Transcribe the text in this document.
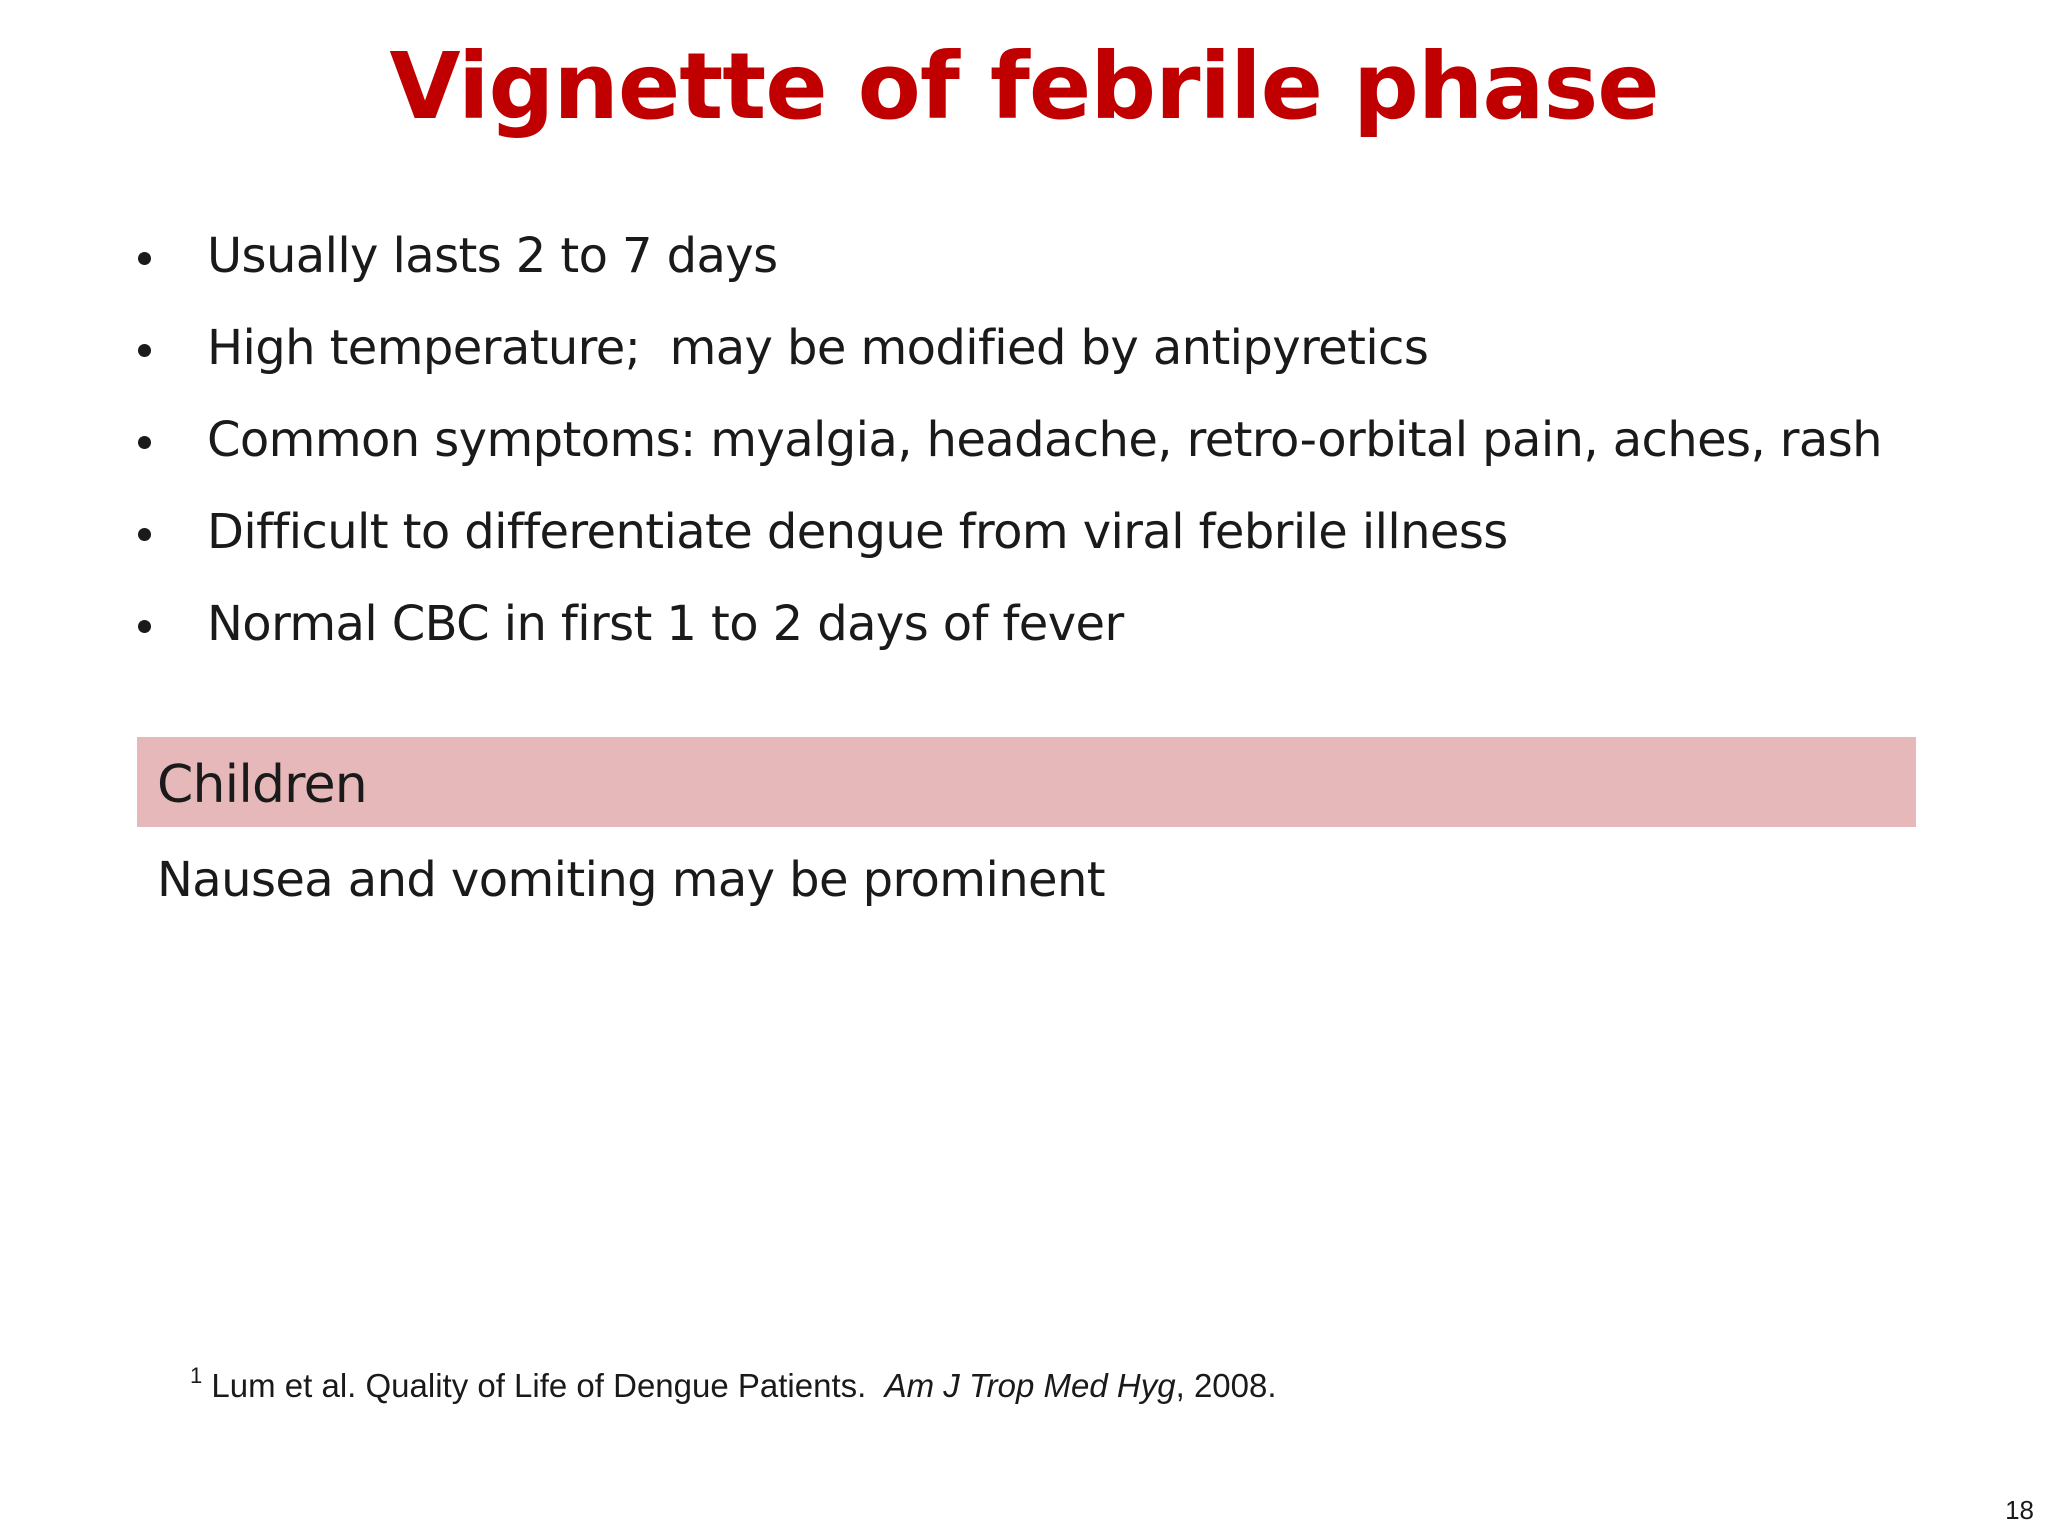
Vignette of febrile phase
Usually lasts 2 to 7 days
High temperature;  may be modified by antipyretics
Common symptoms: myalgia, headache, retro-orbital pain, aches, rash
Difficult to differentiate dengue from viral febrile illness
Normal CBC in first 1 to 2 days of fever
Children
Nausea and vomiting may be prominent
$^1$ Lum et al. Quality of Life of Dengue Patients.  Am J Trop Med Hyg, 2008.
18
